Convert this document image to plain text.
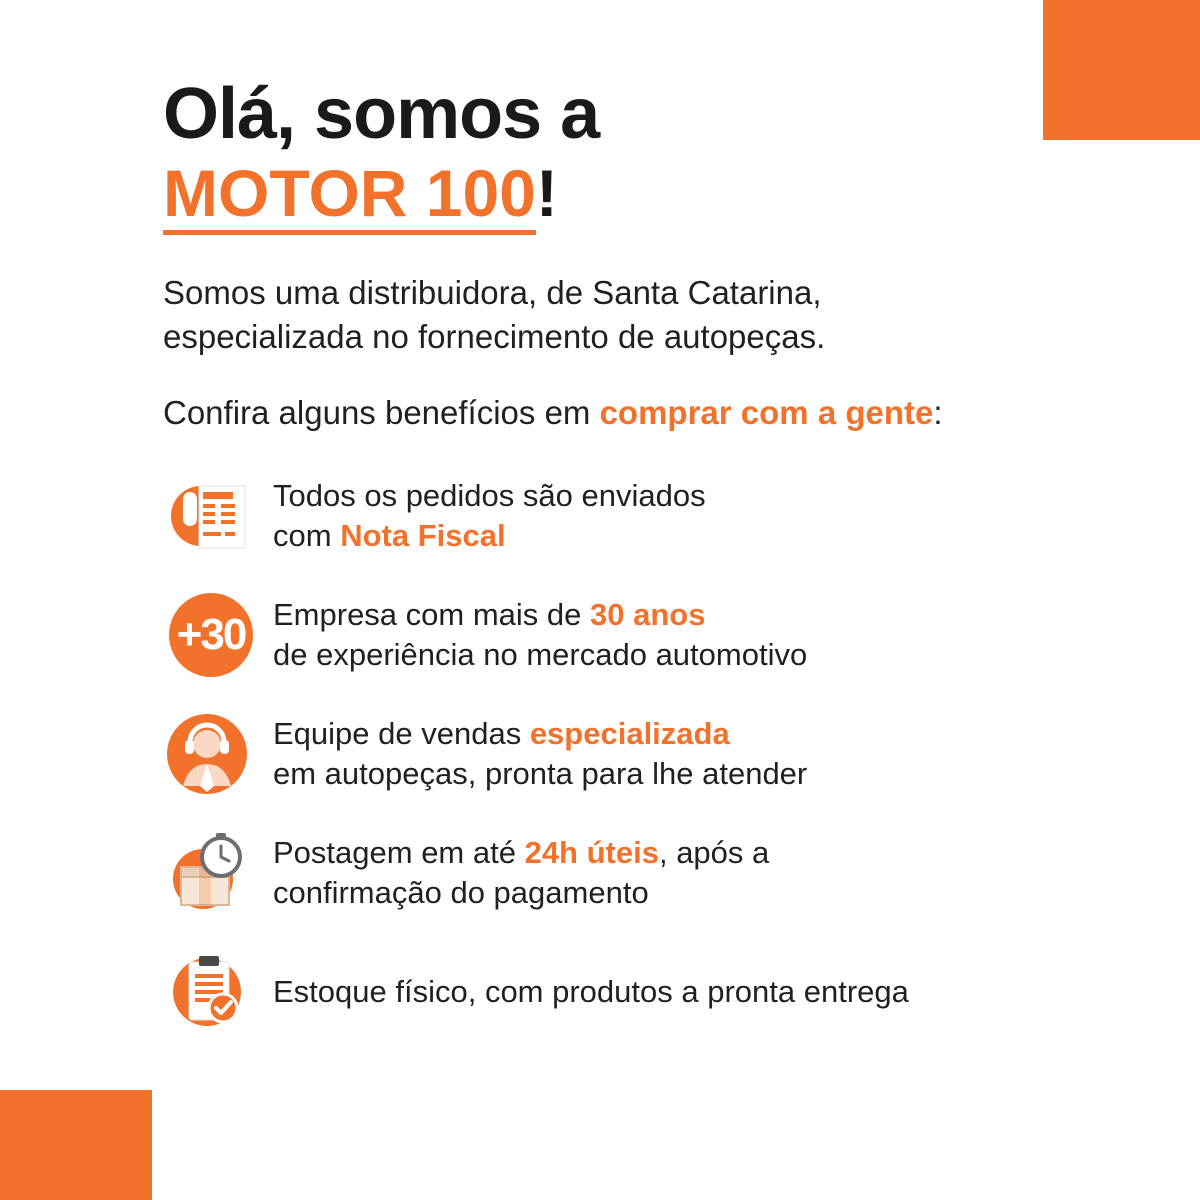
Olá, somos a
MOTOR 100 !

Somos uma distribuidora, de Santa Catarina,
especializada no fornecimento de autopeças.

Confira alguns benefícios em comprar com a gente:

Todos os pedidos são enviados
com Nota Fiscal
+30 Empresa com mais de 30 anos
de experiência no mercado automotivo
Equipe de vendas especializada
em autopeças, pronta para lhe atender
Postagem em até 24h úteis, após a
confirmação do pagamento
Estoque físico, com produtos a pronta entrega
